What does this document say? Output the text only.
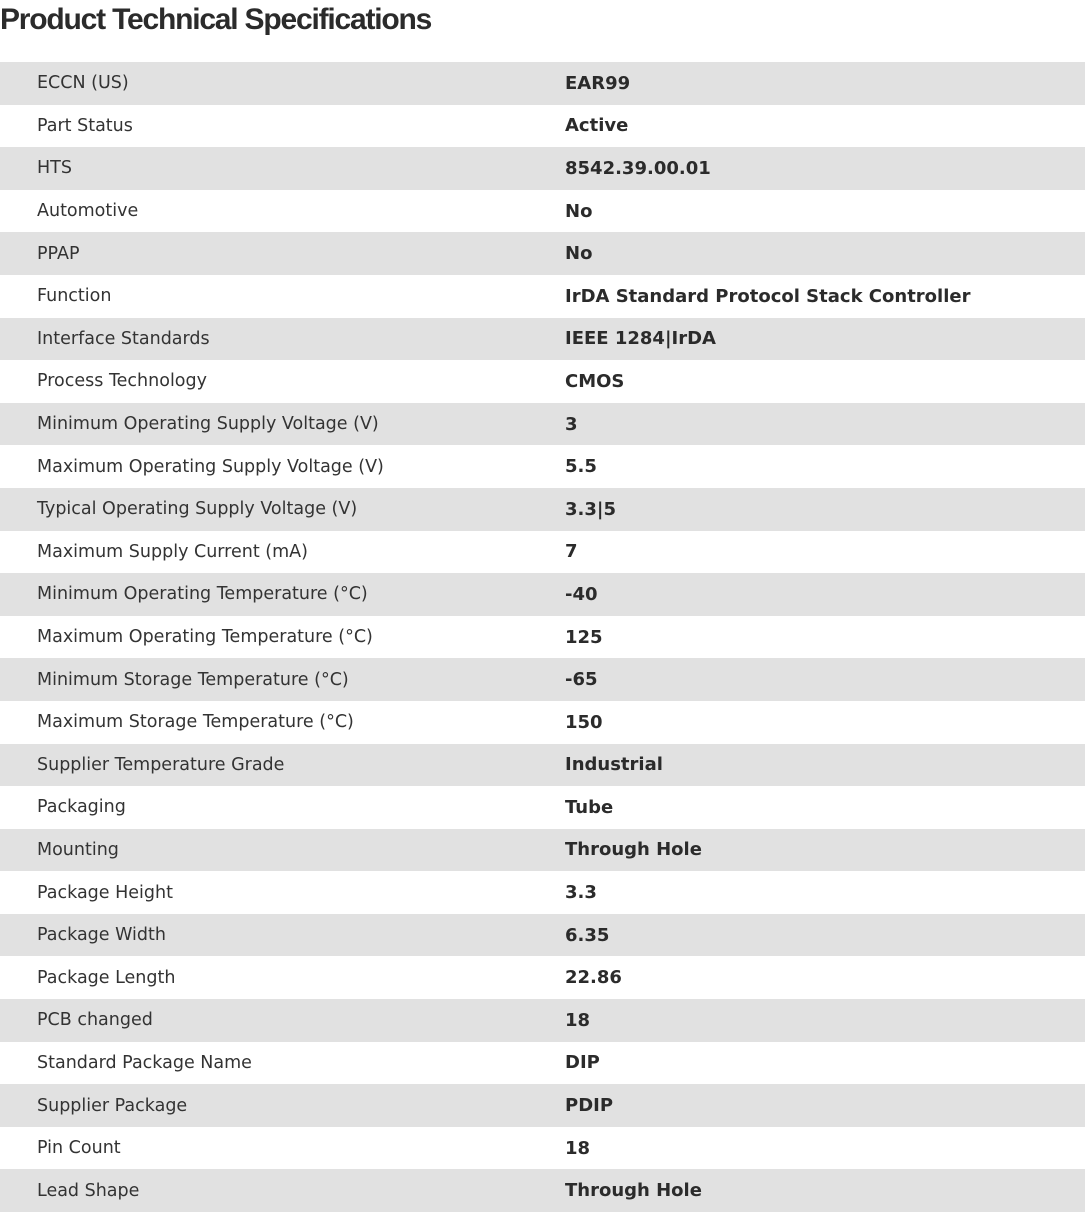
Product Technical Specifications
ECCN (US)	EAR99
Part Status	Active
HTS	8542.39.00.01
Automotive	No
PPAP	No
Function	IrDA Standard Protocol Stack Controller
Interface Standards	IEEE 1284|IrDA
Process Technology	CMOS
Minimum Operating Supply Voltage (V)	3
Maximum Operating Supply Voltage (V)	5.5
Typical Operating Supply Voltage (V)	3.3|5
Maximum Supply Current (mA)	7
Minimum Operating Temperature (°C)	-40
Maximum Operating Temperature (°C)	125
Minimum Storage Temperature (°C)	-65
Maximum Storage Temperature (°C)	150
Supplier Temperature Grade	Industrial
Packaging	Tube
Mounting	Through Hole
Package Height	3.3
Package Width	6.35
Package Length	22.86
PCB changed	18
Standard Package Name	DIP
Supplier Package	PDIP
Pin Count	18
Lead Shape	Through Hole
